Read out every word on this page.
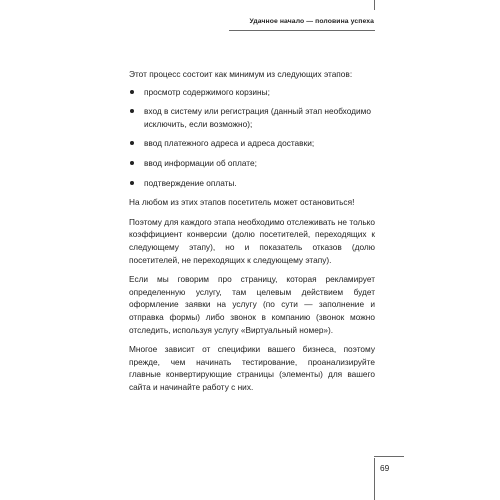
Удачное начало — половина успеха

Этот процесс состоит как минимум из следующих этапов:

просмотр содержимого корзины;
вход в систему или регистрация (данный этап необходимо исключить, если возможно);
ввод платежного адреса и адреса доставки;
ввод информации об оплате;
подтверждение оплаты.

На любом из этих этапов посетитель может остановиться!

Поэтому для каждого этапа необходимо отслеживать не только коэффициент конверсии (долю посетителей, переходящих к следующему этапу), но и показатель отказов (долю посетителей, не переходящих к следующему этапу).

Если мы говорим про страницу, которая рекламирует определенную услугу, там целевым действием будет оформление заявки на услугу (по сути — заполнение и отправка формы) либо звонок в компанию (звонок можно отследить, используя услугу «Виртуальный номер»).

Многое зависит от специфики вашего бизнеса, поэтому прежде, чем начинать тестирование, проанализируйте главные конвертирующие страницы (элементы) для вашего сайта и начинайте работу с них.

69
